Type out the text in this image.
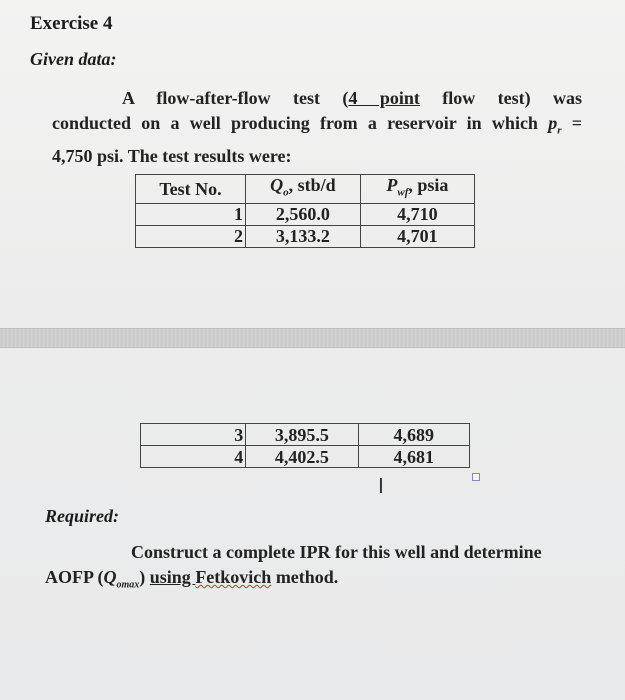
Exercise 4
Given data:
A flow-after-flow test (4 point flow test) was
conducted on a well producing from a reservoir in which $p_r$ =
4,750 psi. The test results were:
Test No.	$Q_o$, stb/d	$P_{wf}$, psia
1	2,560.0	4,710
2	3,133.2	4,701
3	3,895.5	4,689
4	4,402.5	4,681
I
Required:
Construct a complete IPR for this well and determine
AOFP $(Q_{omax})$ using Fetkovich method.
